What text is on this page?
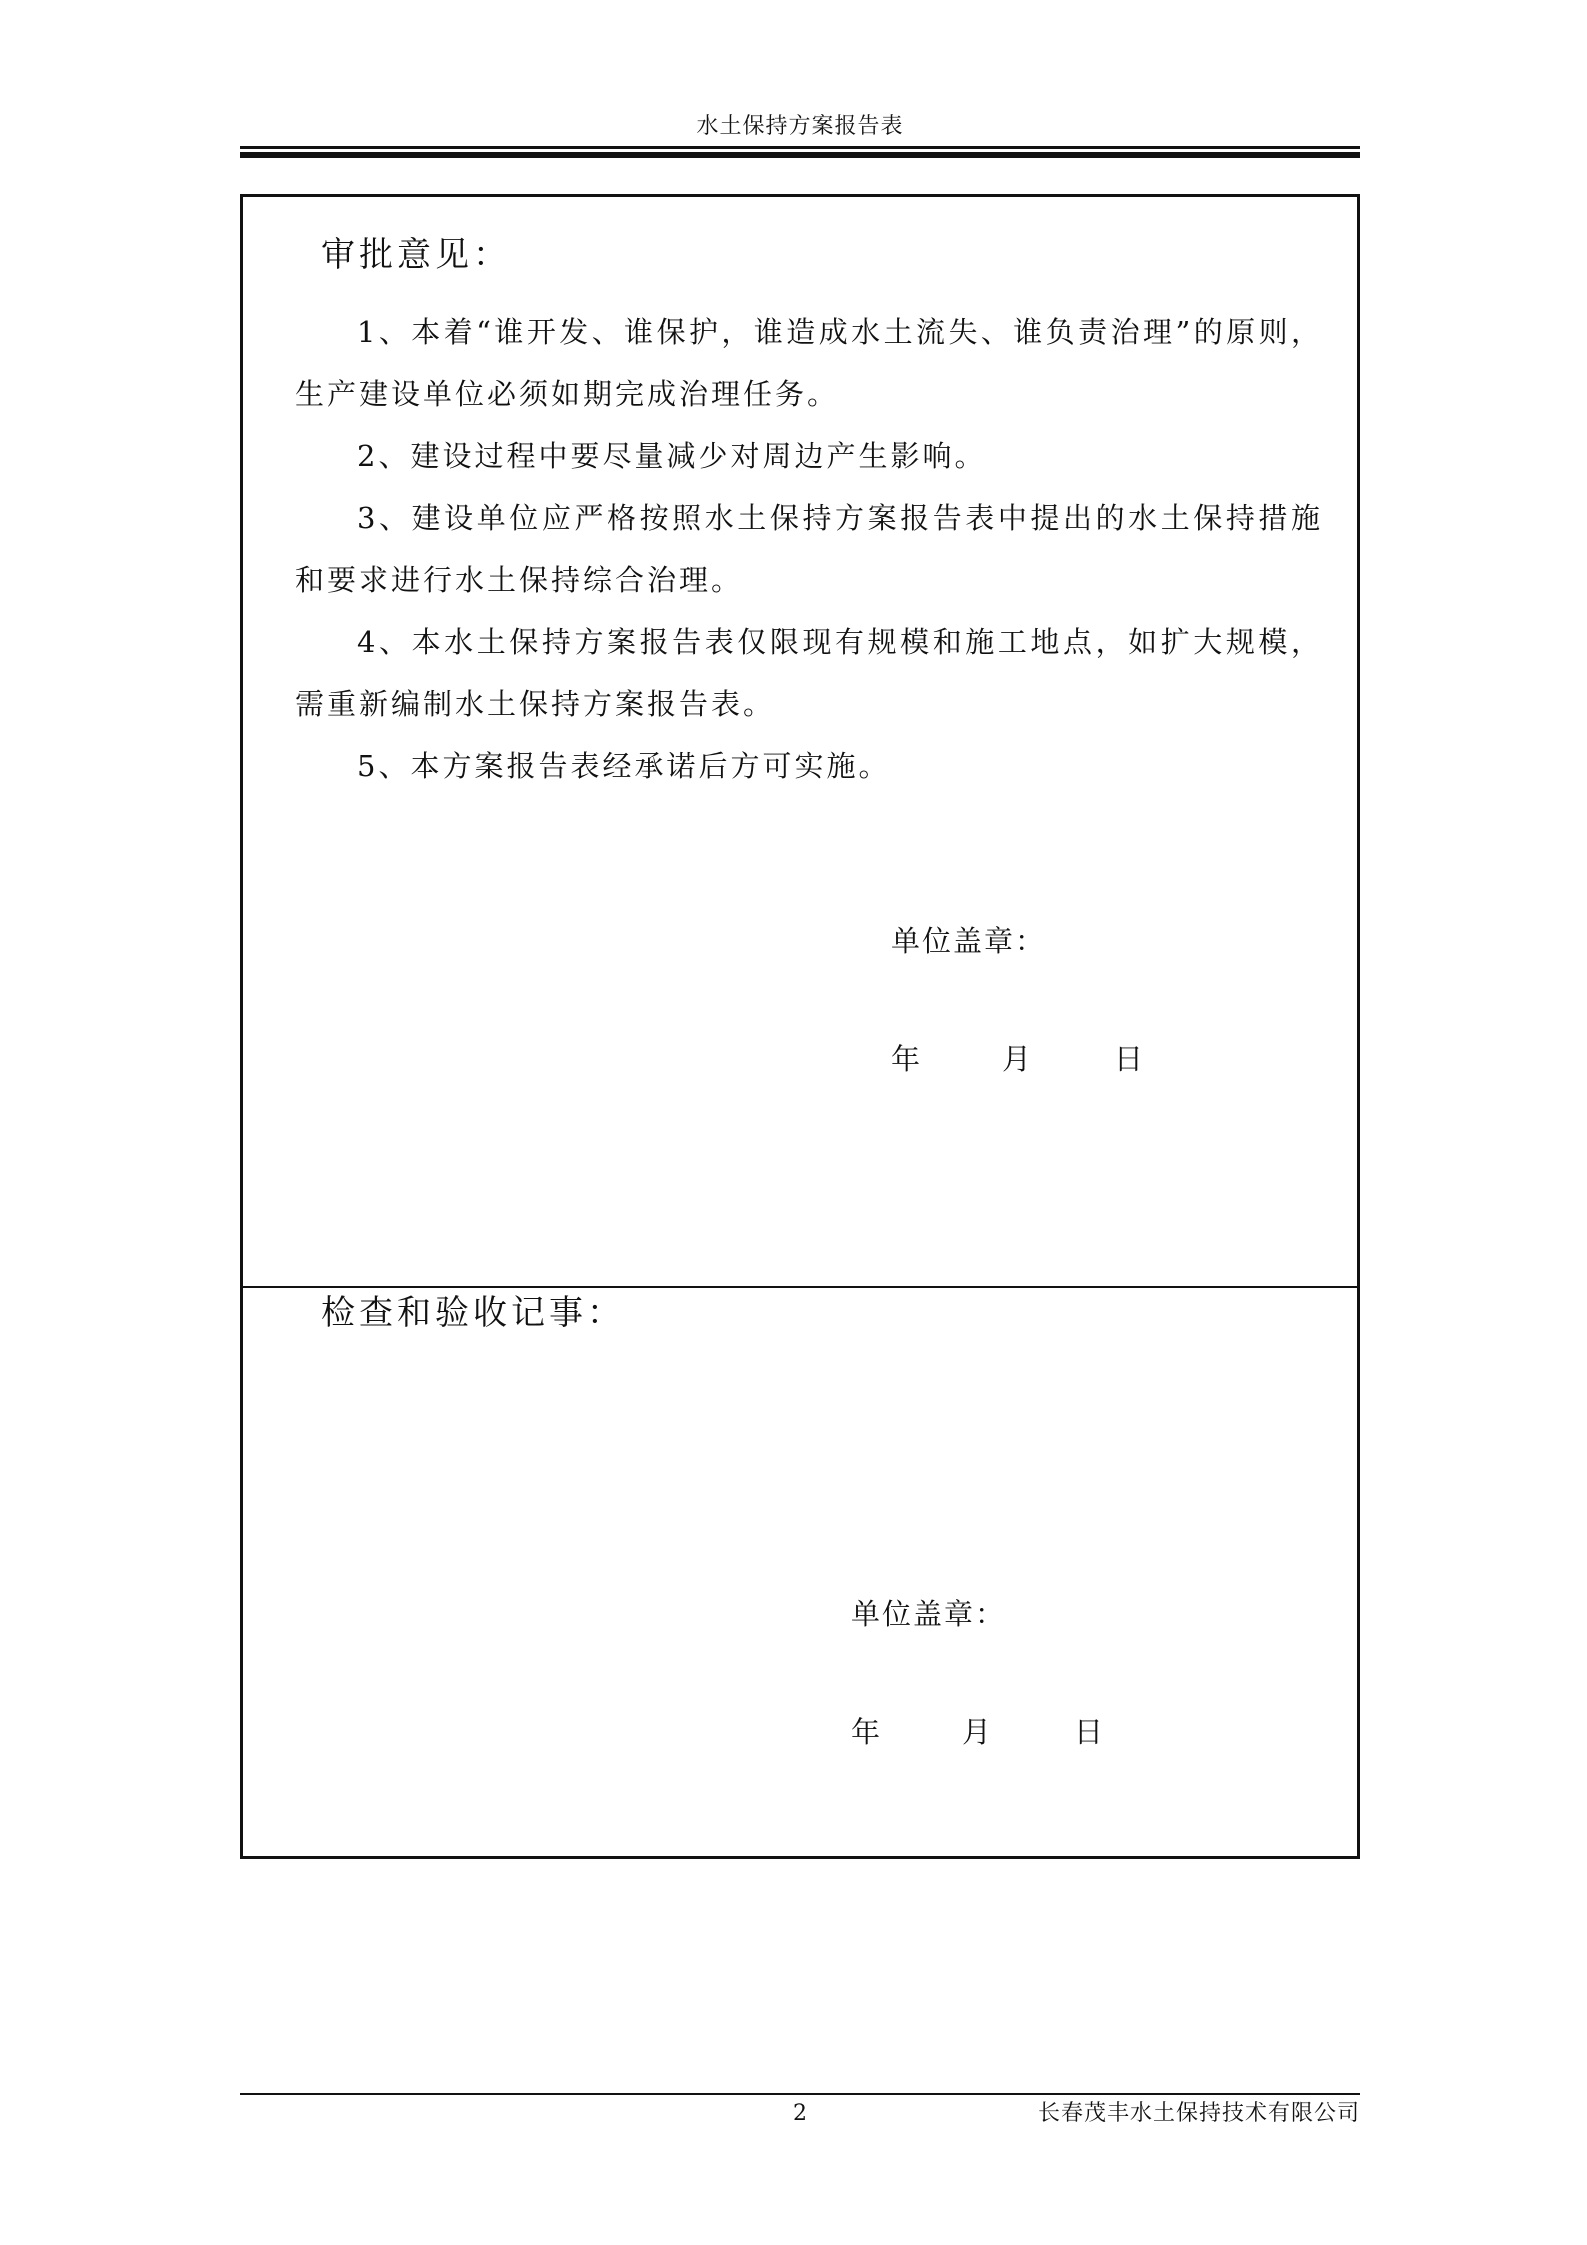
水土保持方案报告表
审批意见：

1、本着“谁开发、谁保护，谁造成水土流失、谁负责治理”的原则，生产建设单位必须如期完成治理任务。

2、建设过程中要尽量减少对周边产生影响。

3、建设单位应严格按照水土保持方案报告表中提出的水土保持措施和要求进行水土保持综合治理。

4、本水土保持方案报告表仅限现有规模和施工地点，如扩大规模，需重新编制水土保持方案报告表。

5、本方案报告表经承诺后方可实施。

单位盖章：
年	月	日
检查和验收记事：
单位盖章：
年	月	日
2	长春茂丰水土保持技术有限公司
